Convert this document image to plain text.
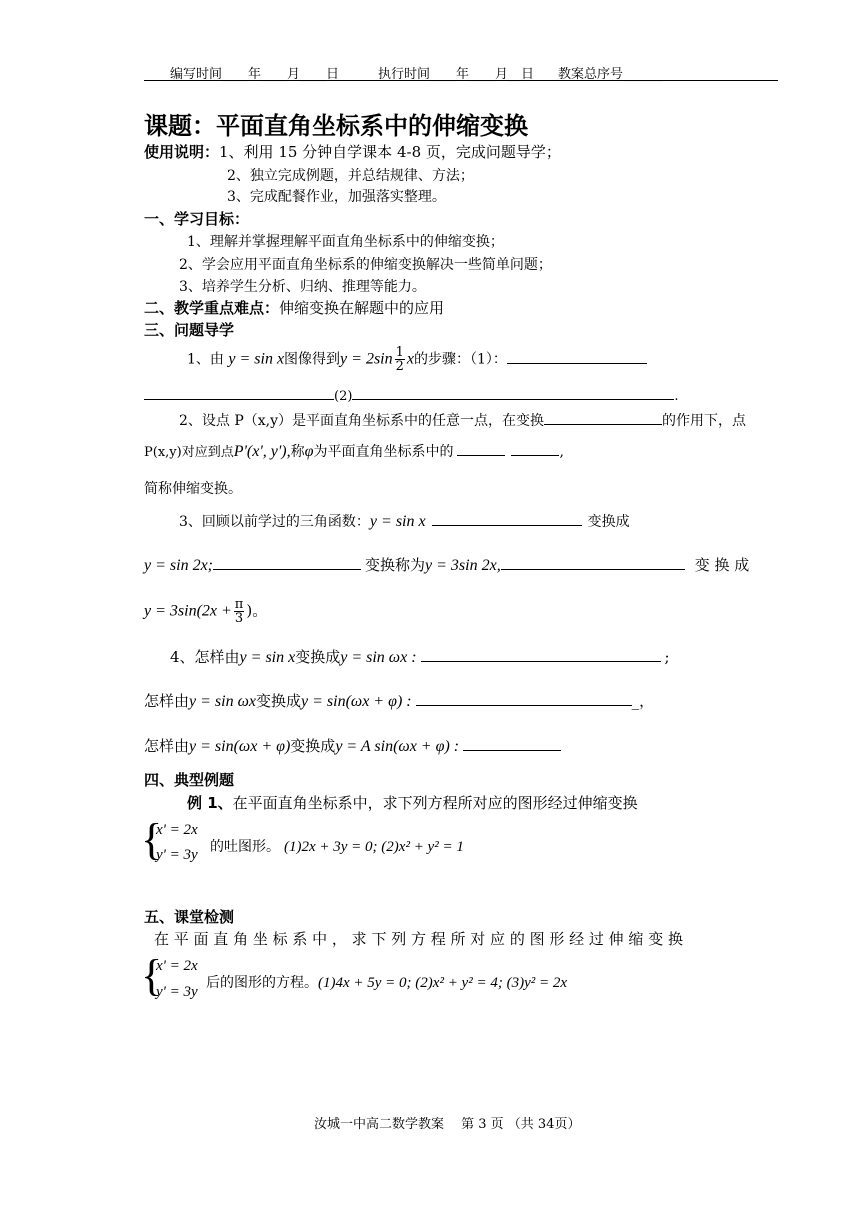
编写时间____年____月____日	执行时间____年____月__日 教案总序号______
课题：平面直角坐标系中的伸缩变换
使用说明：1、利用 15 分钟自学课本 4-8 页，完成问题导学；
2、独立完成例题，并总结规律、方法；
3、完成配餐作业，加强落实整理。
一、学习目标：
1、理解并掌握理解平面直角坐标系中的伸缩变换；
2、学会应用平面直角坐标系的伸缩变换解决一些简单问题；
3、培养学生分析、归纳、推理等能力。
二、教学重点难点：伸缩变换在解题中的应用
三、问题导学
1、由 y = sin x图像得到$y = 2\sin \frac{1}{2}$ x的步骤：（1）：
(2)	.
2、设点 P（x,y）是平面直角坐标系中的任意一点，在变换	的作用下，点
P(x,y)对应到点P'(x', y'),称φ为平面直角坐标系中的	,
简称伸缩变换。
3、回顾以前学过的三角函数：y = sin x	变换成
y = sin 2x;	变换称为y = 3sin 2x,	变 换 成
$y = 3\sin(2x + \frac{\pi}{3}$ )。
4、怎样由y = sin x变换成y = sin ωx :	;
怎样由y = sin ωx变换成y = sin(ωx + φ) :	_，
怎样由y = sin(ωx + φ)变换成y = A sin(ωx + φ) :
四、典型例题
例 1、在平面直角坐标系中，求下列方程所对应的图形经过伸缩变换
{
x' = 2x
y' = 3y 的吐图形。 (1)2x + 3y = 0; (2)x² + y² = 1
五、课堂检测
在 平 面 直 角 坐 标 系 中 ， 求 下 列 方 程 所 对 应 的 图 形 经 过 伸 缩 变 换
{
x' = 2x
y' = 3y
后的图形的方程。(1)4x + 5y = 0; (2)x² + y² = 4; (3)y² = 2x
汝城一中高二数学教案　 第 3 页 （共 34页）
